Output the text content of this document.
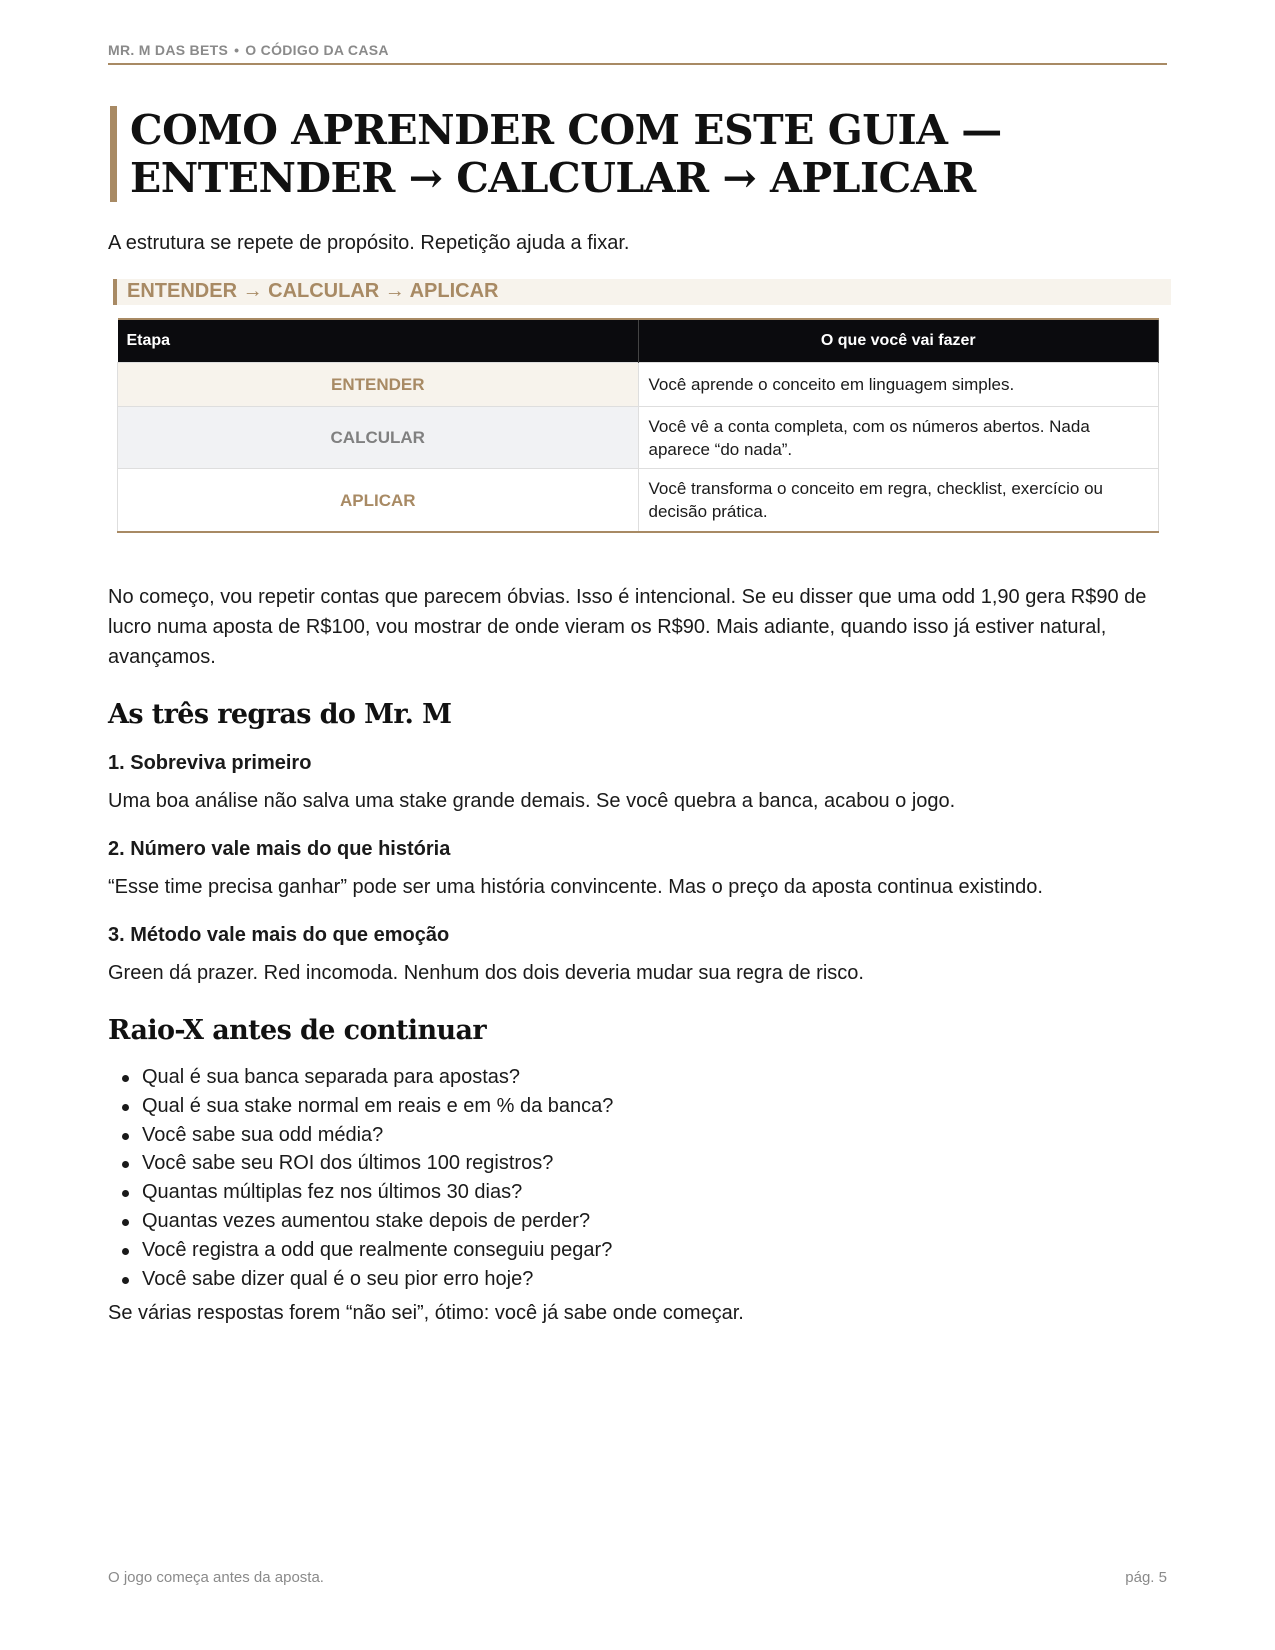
MR. M DAS BETS • O CÓDIGO DA CASA
COMO APRENDER COM ESTE GUIA —
ENTENDER → CALCULAR → APLICAR

A estrutura se repete de propósito. Repetição ajuda a fixar.

ENTENDER → CALCULAR → APLICAR
Etapa	O que você vai fazer
ENTENDER	Você aprende o conceito em linguagem simples.
CALCULAR	Você vê a conta completa, com os números abertos. Nada aparece “do nada”.
APLICAR	Você transforma o conceito em regra, checklist, exercício ou decisão prática.

No começo, vou repetir contas que parecem óbvias. Isso é intencional. Se eu disser que uma odd 1,90 gera R$90 de lucro numa aposta de R$100, vou mostrar de onde vieram os R$90. Mais adiante, quando isso já estiver natural, avançamos.

As três regras do Mr. M

1. Sobreviva primeiro

Uma boa análise não salva uma stake grande demais. Se você quebra a banca, acabou o jogo.

2. Número vale mais do que história

“Esse time precisa ganhar” pode ser uma história convincente. Mas o preço da aposta continua existindo.

3. Método vale mais do que emoção

Green dá prazer. Red incomoda. Nenhum dos dois deveria mudar sua regra de risco.

Raio-X antes de continuar
Qual é sua banca separada para apostas?
Qual é sua stake normal em reais e em % da banca?
Você sabe sua odd média?
Você sabe seu ROI dos últimos 100 registros?
Quantas múltiplas fez nos últimos 30 dias?
Quantas vezes aumentou stake depois de perder?
Você registra a odd que realmente conseguiu pegar?
Você sabe dizer qual é o seu pior erro hoje?

Se várias respostas forem “não sei”, ótimo: você já sabe onde começar.

O jogo começa antes da aposta.	pág. 5
